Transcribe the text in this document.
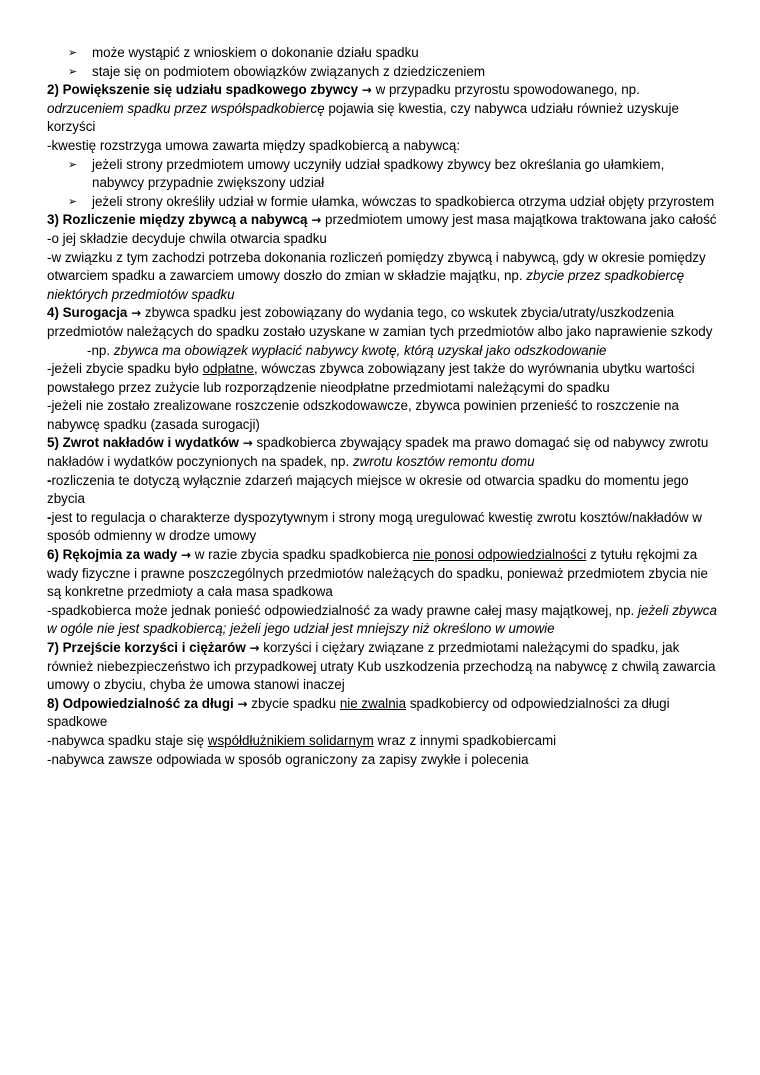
➢	może wystąpić z wnioskiem o dokonanie działu spadku
➢	staje się on podmiotem obowiązków związanych z dziedziczeniem
2) Powiększenie się udziału spadkowego zbywcy → w przypadku przyrostu spowodowanego, np. odrzuceniem spadku przez współspadkobiercę pojawia się kwestia, czy nabywca udziału również uzyskuje korzyści
-kwestię rozstrzyga umowa zawarta między spadkobiercą a nabywcą:
➢	jeżeli strony przedmiotem umowy uczyniły udział spadkowy zbywcy bez określania go ułamkiem, nabywcy przypadnie zwiększony udział
➢	jeżeli strony określiły udział w formie ułamka, wówczas to spadkobierca otrzyma udział objęty przyrostem
3) Rozliczenie między zbywcą a nabywcą → przedmiotem umowy jest masa majątkowa traktowana jako całość
-o jej składzie decyduje chwila otwarcia spadku
-w związku z tym zachodzi potrzeba dokonania rozliczeń pomiędzy zbywcą i nabywcą, gdy w okresie pomiędzy otwarciem spadku a zawarciem umowy doszło do zmian w składzie majątku, np. zbycie przez spadkobiercę niektórych przedmiotów spadku
4) Surogacja → zbywca spadku jest zobowiązany do wydania tego, co wskutek zbycia/utraty/uszkodzenia przedmiotów należących do spadku zostało uzyskane w zamian tych przedmiotów albo jako naprawienie szkody
-np. zbywca ma obowiązek wypłacić nabywcy kwotę, którą uzyskał jako odszkodowanie
-jeżeli zbycie spadku było odpłatne, wówczas zbywca zobowiązany jest także do wyrównania ubytku wartości powstałego przez zużycie lub rozporządzenie nieodpłatne przedmiotami należącymi do spadku
-jeżeli nie zostało zrealizowane roszczenie odszkodowawcze, zbywca powinien przenieść to roszczenie na nabywcę spadku (zasada surogacji)
5) Zwrot nakładów i wydatków → spadkobierca zbywający spadek ma prawo domagać się od nabywcy zwrotu nakładów i wydatków poczynionych na spadek, np. zwrotu kosztów remontu domu
-rozliczenia te dotyczą wyłącznie zdarzeń mających miejsce w okresie od otwarcia spadku do momentu jego zbycia
-jest to regulacja o charakterze dyspozytywnym i strony mogą uregulować kwestię zwrotu kosztów/nakładów w sposób odmienny w drodze umowy
6) Rękojmia za wady → w razie zbycia spadku spadkobierca nie ponosi odpowiedzialności z tytułu rękojmi za wady fizyczne i prawne poszczególnych przedmiotów należących do spadku, ponieważ przedmiotem zbycia nie są konkretne przedmioty a cała masa spadkowa
-spadkobierca może jednak ponieść odpowiedzialność za wady prawne całej masy majątkowej, np. jeżeli zbywca w ogóle nie jest spadkobiercą; jeżeli jego udział jest mniejszy niż określono w umowie
7) Przejście korzyści i ciężarów → korzyści i ciężary związane z przedmiotami należącymi do spadku, jak również niebezpieczeństwo ich przypadkowej utraty Kub uszkodzenia przechodzą na nabywcę z chwilą zawarcia umowy o zbyciu, chyba że umowa stanowi inaczej
8) Odpowiedzialność za długi → zbycie spadku nie zwalnia spadkobiercy od odpowiedzialności za długi spadkowe
-nabywca spadku staje się współdłużnikiem solidarnym wraz z innymi spadkobiercami
-nabywca zawsze odpowiada w sposób ograniczony za zapisy zwykłe i polecenia
